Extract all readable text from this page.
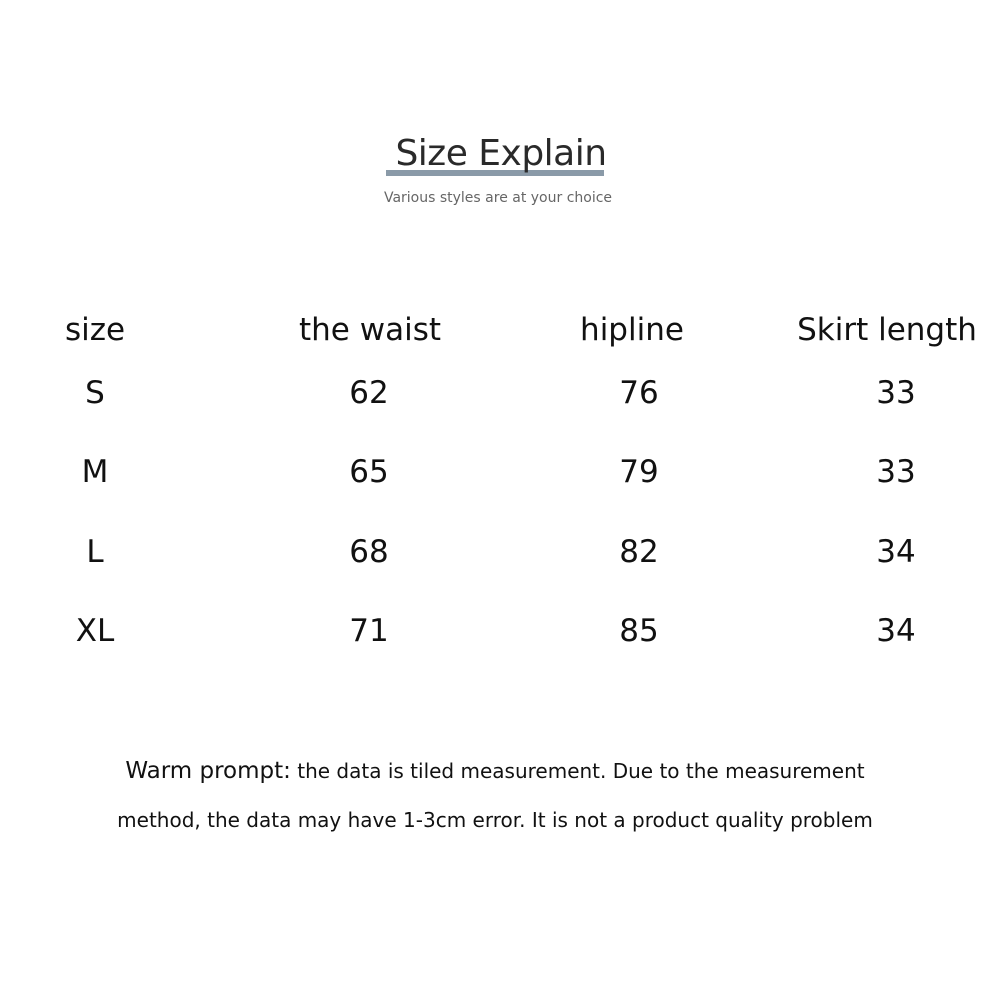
Size Explain
Various styles are at your choice
size	the waist	hipline	Skirt length
S	62	76	33
M	65	79	33
L	68	82	34
XL	71	85	34
Warm prompt: the data is tiled measurement. Due to the measurement
method, the data may have 1-3cm error. It is not a product quality problem
